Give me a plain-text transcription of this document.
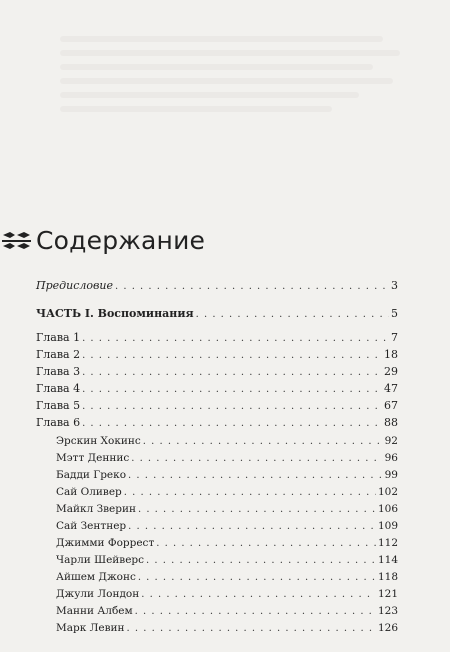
Содержание
Предисловие . . .	3
ЧАСТЬ I. Воспоминания . . .	5
Глава 1 . . .	7
Глава 2 . . .	18
Глава 3 . . .	29
Глава 4 . . .	47
Глава 5 . . .	67
Глава 6 . . .	88
Эрскин Хокинс . . .	92
Мэтт Деннис . . .	96
Бадди Греко . . .	99
Сай Оливер . . .	102
Майкл Зверин . . .	106
Сай Зентнер . . .	109
Джимми Форрест . . .	112
Чарли Шейверс . . .	114
Айшем Джонс . . .	118
Джули Лондон . . .	121
Манни Албем . . .	123
Марк Левин . . .	126
